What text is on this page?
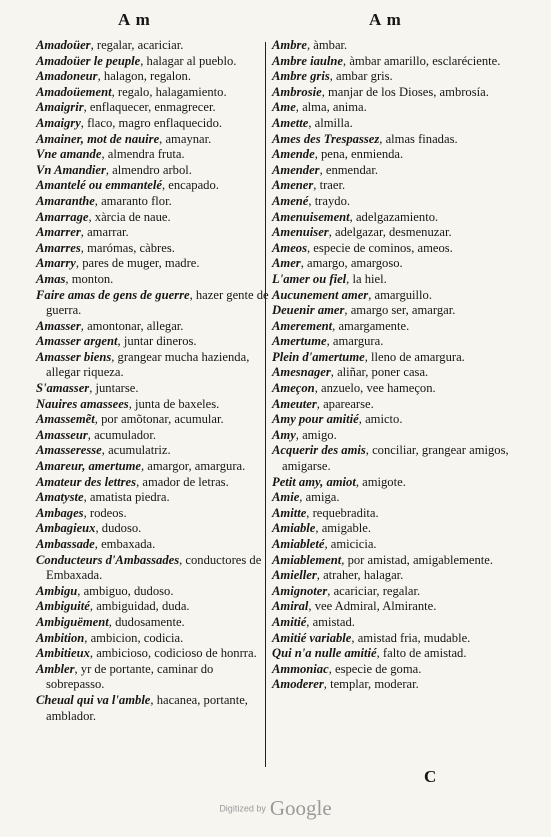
A m	A m

Amadoüer, regalar, acariciar.

Amadoüer le peuple, halagar al pueblo.

Amadoneur, halagon, regalon.

Amadoüement, regalo, halagamiento.

Amaigrir, enflaquecer, enmagrecer.

Amaigry, flaco, magro enflaquecido.

Amainer, mot de nauire, amaynar.

Vne amande, almendra fruta.

Vn Amandier, almendro arbol.

Amantelé ou emmantelé, encapado.

Amaranthe, amaranto flor.

Amarrage, xàrcia de naue.

Amarrer, amarrar.

Amarres, marómas, càbres.

Amarry, pares de muger, madre.

Amas, monton.

Faire amas de gens de guerre, hazer gente de guerra.

Amasser, amontonar, allegar.

Amasser argent, juntar dineros.

Amasser biens, grangear mucha hazienda, allegar riqueza.

S'amasser, juntarse.

Nauires amassees, junta de baxeles.

Amassemẽt, por amõtonar, acumular.

Amasseur, acumulador.

Amasseresse, acumulatriz.

Amareur, amertume, amargor, amargura.

Amateur des lettres, amador de letras.

Amatyste, amatista piedra.

Ambages, rodeos.

Ambagieux, dudoso.

Ambassade, embaxada.

Conducteurs d'Ambassades, conductores de Embaxada.

Ambigu, ambiguo, dudoso.

Ambiguité, ambiguidad, duda.

Ambiguëment, dudosamente.

Ambition, ambicion, codicia.

Ambitieux, ambicioso, codicioso de honrra.

Ambler, yr de portante, caminar do sobrepasso.

Cheual qui va l'amble, hacanea, portante, amblador.

Ambre, àmbar.

Ambre iaulne, àmbar amarillo, esclaréciente.

Ambre gris, ambar gris.

Ambrosie, manjar de los Dioses, ambrosía.

Ame, alma, anima.

Amette, almilla.

Ames des Trespassez, almas finadas.

Amende, pena, enmienda.

Amender, enmendar.

Amener, traer.

Amené, traydo.

Amenuisement, adelgazamiento.

Amenuiser, adelgazar, desmenuzar.

Ameos, especie de cominos, ameos.

Amer, amargo, amargoso.

L'amer ou fiel, la hiel.

Aucunement amer, amarguillo.

Deuenir amer, amargo ser, amargar.

Amerement, amargamente.

Amertume, amargura.

Plein d'amertume, lleno de amargura.

Amesnager, aliñar, poner casa.

Ameçon, anzuelo, vee hameçon.

Ameuter, aparearse.

Amy pour amitié, amicto.

Amy, amigo.

Acquerir des amis, conciliar, grangear amigos, amigarse.

Petit amy, amiot, amigote.

Amie, amiga.

Amitte, requebradita.

Amiable, amigable.

Amiableté, amicicia.

Amiablement, por amistad, amigablemente.

Amieller, atraher, halagar.

Amignoter, acariciar, regalar.

Amiral, vee Admiral, Almirante.

Amitié, amistad.

Amitié variable, amistad fria, mudable.

Qui n'a nulle amitié, falto de amistad.

Ammoniac, especie de goma.

Amoderer, templar, moderar.

C
Digitized by Google
